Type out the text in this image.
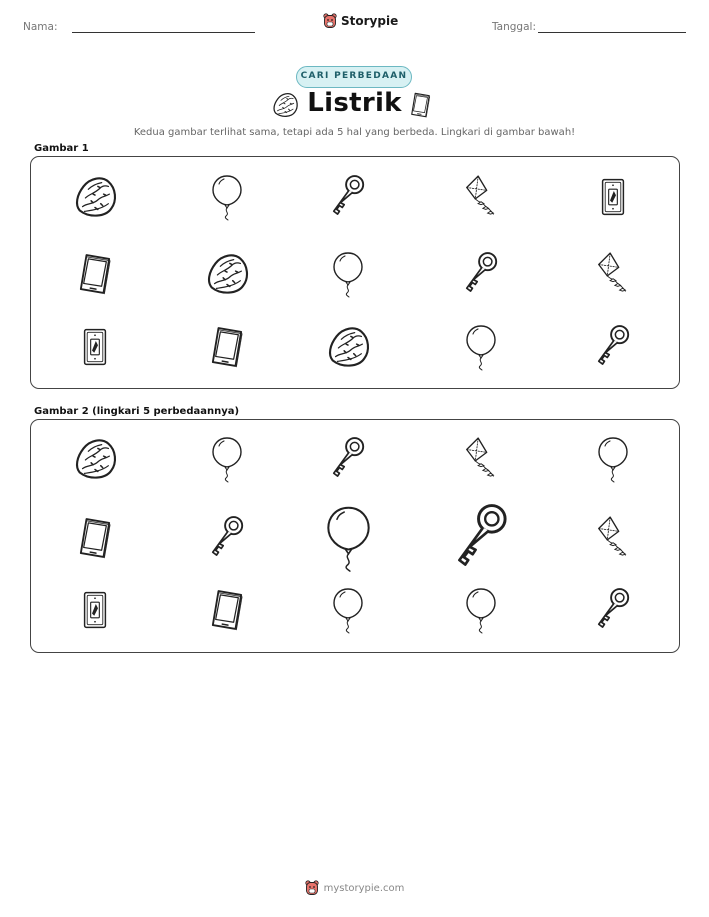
Nama:	Storypie	Tanggal:
CARI PERBEDAAN
Listrik
Kedua gambar terlihat sama, tetapi ada 5 hal yang berbeda. Lingkari di gambar bawah!
Gambar 1
Gambar 2 (lingkari 5 perbedaannya)
mystorypie.com
